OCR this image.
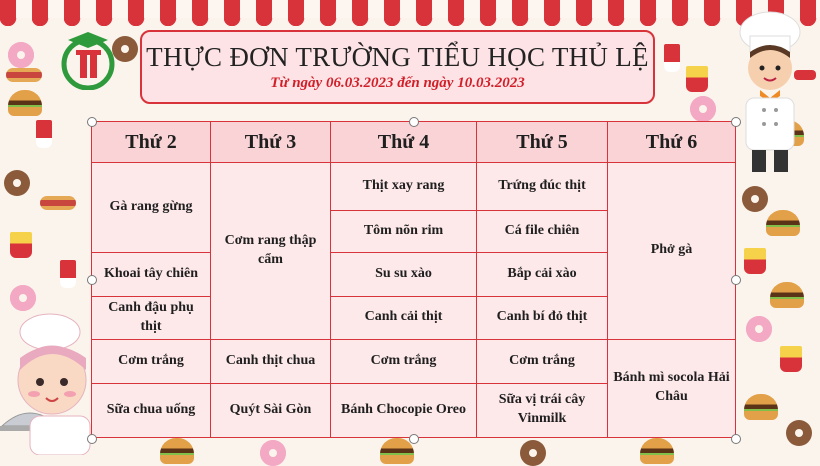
THỰC ĐƠN TRƯỜNG TIỂU HỌC THỦ LỆ
Từ ngày 06.03.2023 đến ngày 10.03.2023
Thứ 2	Thứ 3	Thứ 4	Thứ 5	Thứ 6
Gà rang gừng	Cơm rang thập cẩm	Thịt xay rang	Trứng đúc thịt	Phở gà
		Tôm nõn rim	Cá file chiên	
Khoai tây chiên		Su su xào	Bắp cải xào	
Canh đậu phụ thịt		Canh cải thịt	Canh bí đỏ thịt	
Cơm trắng	Canh thịt chua	Cơm trắng	Cơm trắng	Bánh mì socola Hải Châu
Sữa chua uống	Quýt Sài Gòn	Bánh Chocopie Oreo	Sữa vị trái cây Vinmilk	
